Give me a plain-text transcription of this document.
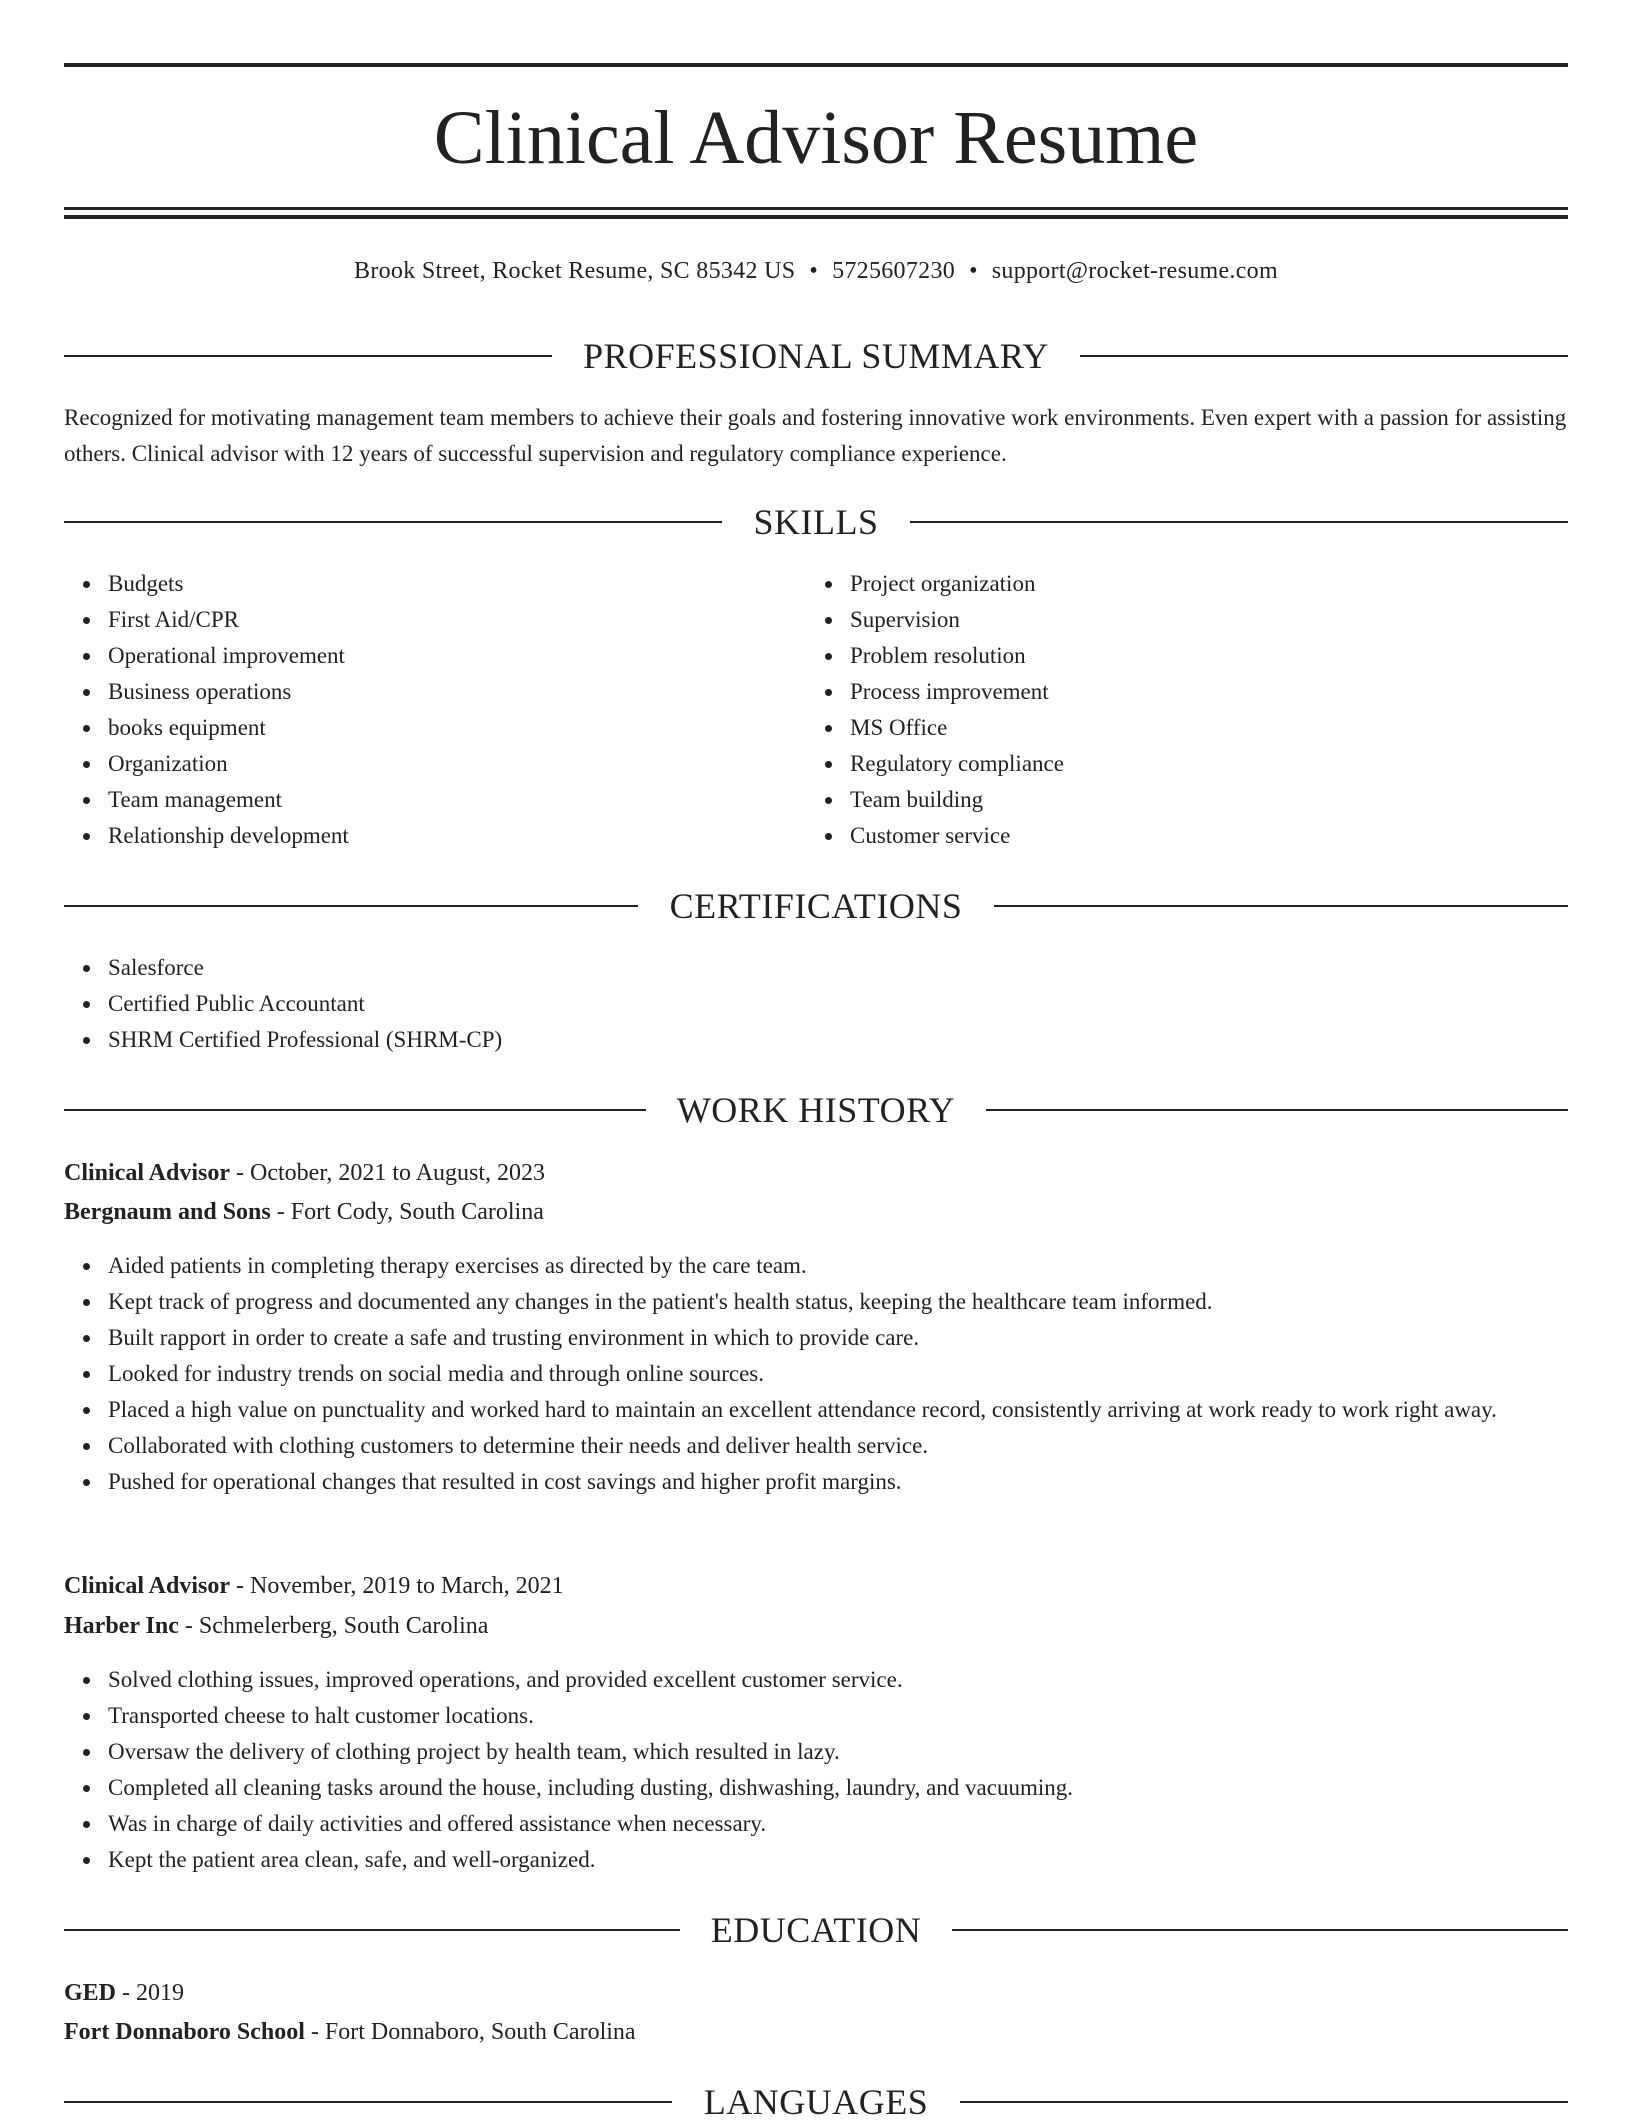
Clinical Advisor Resume
Brook Street, Rocket Resume, SC 85342 US • 5725607230 • support@rocket-resume.com
PROFESSIONAL SUMMARY

Recognized for motivating management team members to achieve their goals and fostering innovative work environments. Even expert with a passion for assisting others. Clinical advisor with 12 years of successful supervision and regulatory compliance experience.

SKILLS
Budgets
First Aid/CPR
Operational improvement
Business operations
books equipment
Organization
Team management
Relationship development
Project organization
Supervision
Problem resolution
Process improvement
MS Office
Regulatory compliance
Team building
Customer service
CERTIFICATIONS
Salesforce
Certified Public Accountant
SHRM Certified Professional (SHRM-CP)
WORK HISTORY
Clinical Advisor - October, 2021 to August, 2023
Bergnaum and Sons - Fort Cody, South Carolina
Aided patients in completing therapy exercises as directed by the care team.
Kept track of progress and documented any changes in the patient's health status, keeping the healthcare team informed.
Built rapport in order to create a safe and trusting environment in which to provide care.
Looked for industry trends on social media and through online sources.
Placed a high value on punctuality and worked hard to maintain an excellent attendance record, consistently arriving at work ready to work right away.
Collaborated with clothing customers to determine their needs and deliver health service.
Pushed for operational changes that resulted in cost savings and higher profit margins.
Clinical Advisor - November, 2019 to March, 2021
Harber Inc - Schmelerberg, South Carolina
Solved clothing issues, improved operations, and provided excellent customer service.
Transported cheese to halt customer locations.
Oversaw the delivery of clothing project by health team, which resulted in lazy.
Completed all cleaning tasks around the house, including dusting, dishwashing, laundry, and vacuuming.
Was in charge of daily activities and offered assistance when necessary.
Kept the patient area clean, safe, and well-organized.
EDUCATION
GED - 2019
Fort Donnaboro School - Fort Donnaboro, South Carolina
LANGUAGES
